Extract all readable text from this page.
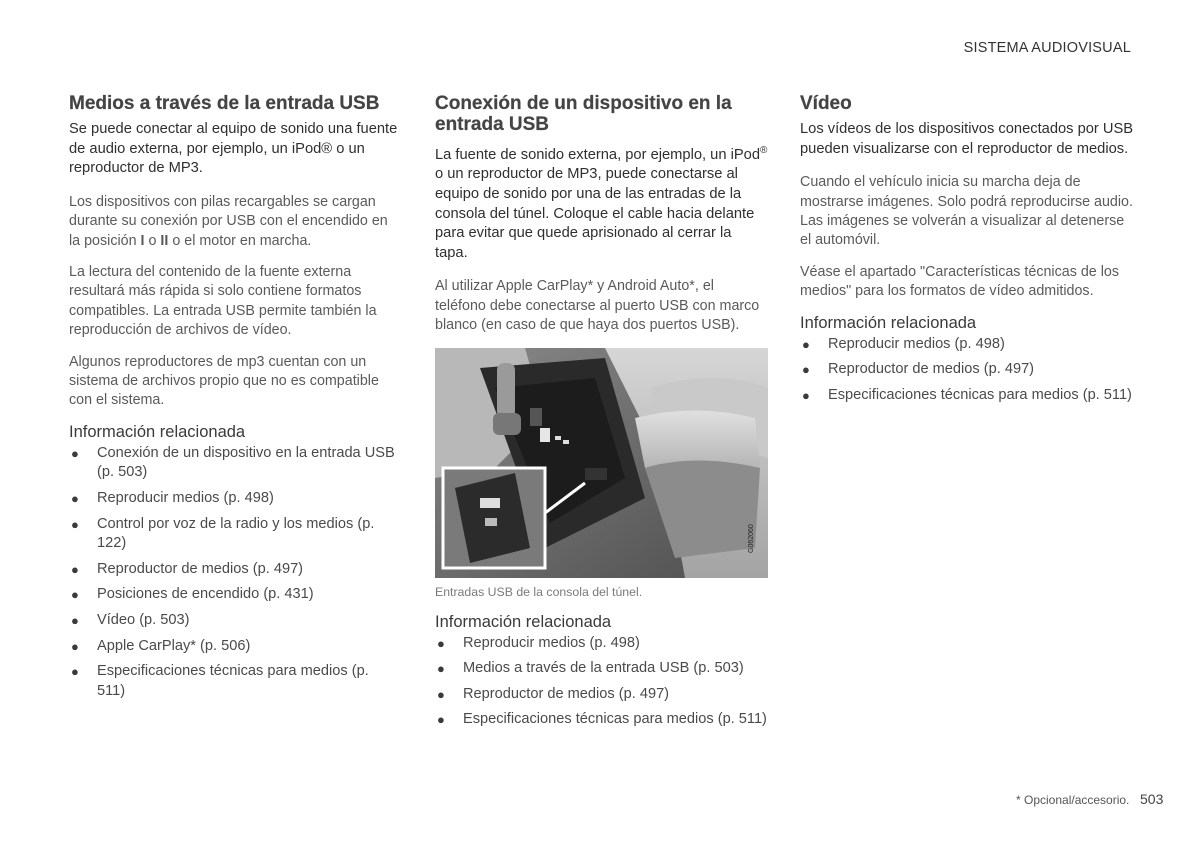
SISTEMA AUDIOVISUAL
Medios a través de la entrada USB

Se puede conectar al equipo de sonido una fuente de audio externa, por ejemplo, un iPod® o un reproductor de MP3.

Los dispositivos con pilas recargables se cargan durante su conexión por USB con el encendido en la posición I o II o el motor en marcha.

La lectura del contenido de la fuente externa resultará más rápida si solo contiene formatos compatibles. La entrada USB permite también la reproducción de archivos de vídeo.

Algunos reproductores de mp3 cuentan con un sistema de archivos propio que no es compatible con el sistema.

Información relacionada
● Conexión de un dispositivo en la entrada USB (p. 503)
● Reproducir medios (p. 498)
● Control por voz de la radio y los medios (p. 122)
● Reproductor de medios (p. 497)
● Posiciones de encendido (p. 431)
● Vídeo (p. 503)
● Apple CarPlay* (p. 506)
● Especificaciones técnicas para medios (p. 511)
Conexión de un dispositivo en la entrada USB

La fuente de sonido externa, por ejemplo, un iPod® o un reproductor de MP3, puede conectarse al equipo de sonido por una de las entradas de la consola del túnel. Coloque el cable hacia delante para evitar que quede aprisionado al cerrar la tapa.

Al utilizar Apple CarPlay* y Android Auto*, el teléfono debe conectarse al puerto USB con marco blanco (en caso de que haya dos puertos USB).

G062060
Entradas USB de la consola del túnel.
Información relacionada
● Reproducir medios (p. 498)
● Medios a través de la entrada USB (p. 503)
● Reproductor de medios (p. 497)
● Especificaciones técnicas para medios (p. 511)
Vídeo

Los vídeos de los dispositivos conectados por USB pueden visualizarse con el reproductor de medios.

Cuando el vehículo inicia su marcha deja de mostrarse imágenes. Solo podrá reproducirse audio. Las imágenes se volverán a visualizar al detenerse el automóvil.

Véase el apartado "Características técnicas de los medios" para los formatos de vídeo admitidos.

Información relacionada
● Reproducir medios (p. 498)
● Reproductor de medios (p. 497)
● Especificaciones técnicas para medios (p. 511)
* Opcional/accesorio. 503
